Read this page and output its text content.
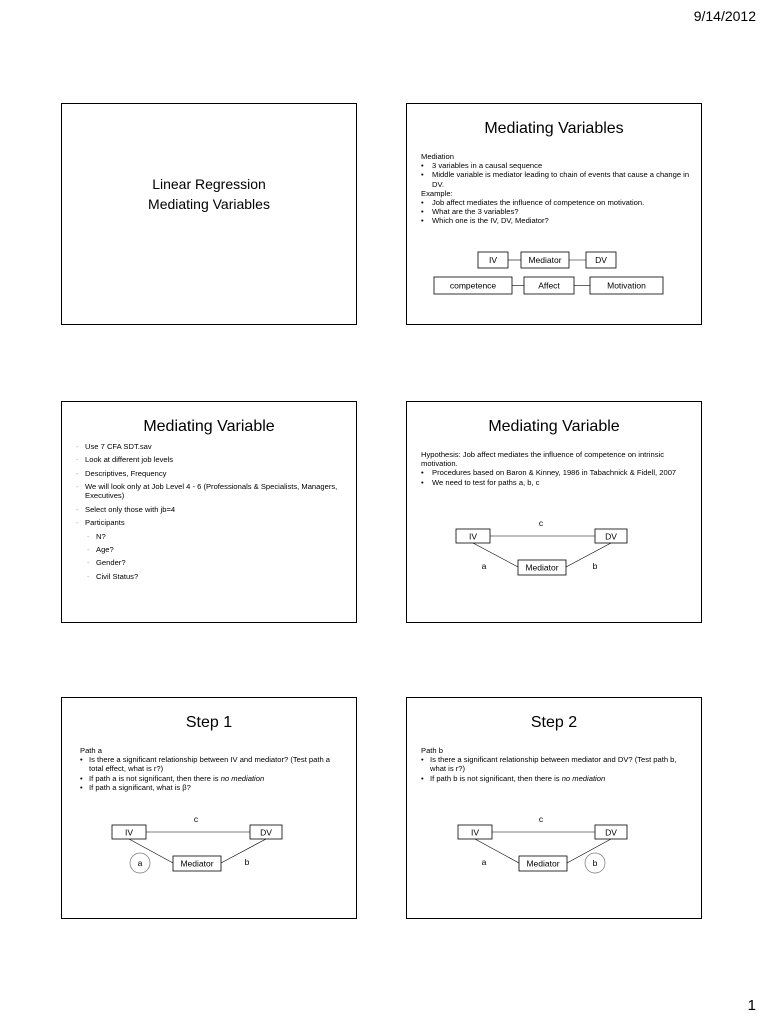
9/14/2012
Linear Regression
Mediating Variables
Mediating Variables
Mediation
• 3 variables in a causal sequence
• Middle variable is mediator leading to chain of events that cause a change in DV.
Example:
• Job affect mediates the influence of competence on motivation.
• What are the 3 variables?
• Which one is the IV, DV, Mediator?
IV	Mediator	DV
competence	Affect	Motivation
Mediating Variable
- Use 7 CFA SDT.sav
- Look at different job levels
- Descriptives, Frequency
- We will look only at Job Level 4 - 6 (Professionals & Specialists, Managers, Executives)
- Select only those with jb=4
- Participants
- N?
- Age?
- Gender?
- Civil Status?
Mediating Variable
Hypothesis: Job affect mediates the influence of competence on intrinsic motivation.
• Procedures based on Baron & Kinney, 1986 in Tabachnick & Fidell, 2007
• We need to test for paths a, b, c
IV	DV
Mediator
c
a	b
Step 1
Path a
• Is there a significant relationship between IV and mediator? (Test path a total effect, what is r?)
• If path a is not significant, then there is no mediation
• If path a significant, what is β?
IV	DV
Mediator
c
a	b
Step 2
Path b
• Is there a significant relationship between mediator and DV? (Test path b, what is r?)
• If path b is not significant, then there is no mediation
IV	DV
Mediator
c
a	b
1
